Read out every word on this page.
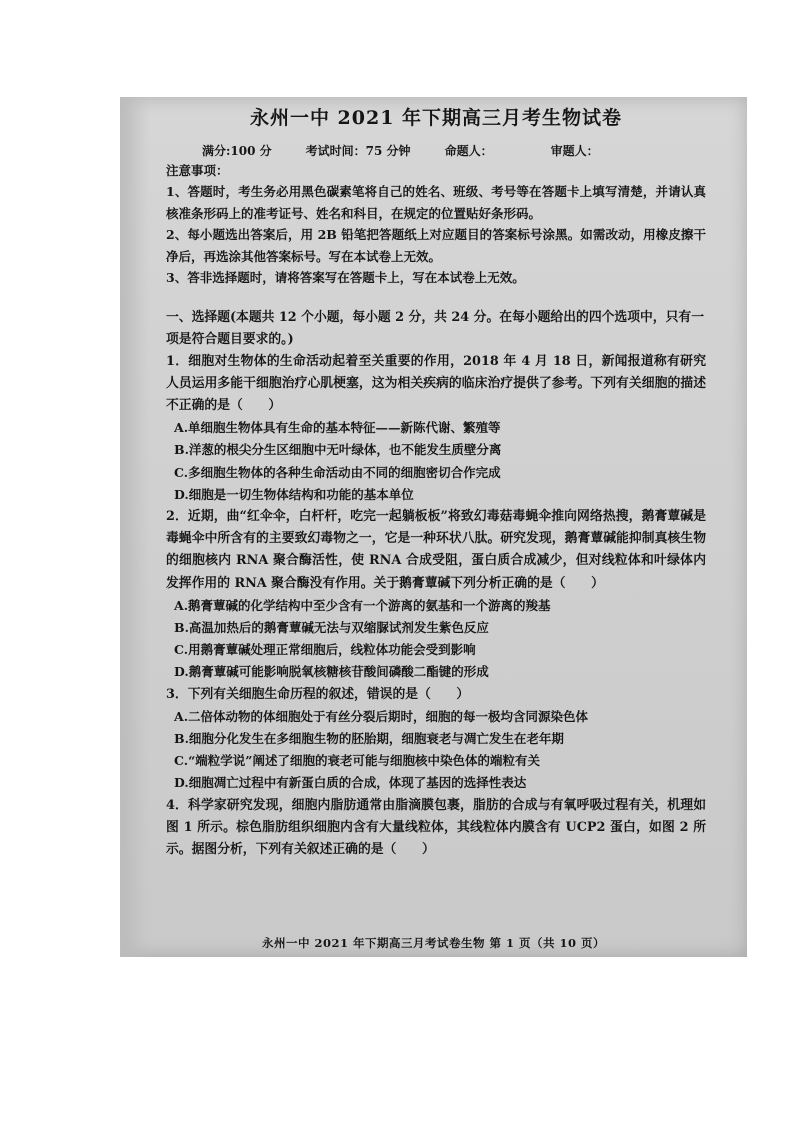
永州一中 2021 年下期高三月考生物试卷
满分:100 分	考试时间：75 分钟	命题人：	审题人：
注意事项：

1、答题时，考生务必用黑色碳素笔将自己的姓名、班级、考号等在答题卡上填写清楚，并请认真核准条形码上的准考证号、姓名和科目，在规定的位置贴好条形码。

2、每小题选出答案后，用 2B 铅笔把答题纸上对应题目的答案标号涂黑。如需改动，用橡皮擦干净后，再选涂其他答案标号。写在本试卷上无效。

3、答非选择题时，请将答案写在答题卡上，写在本试卷上无效。

一、选择题(本题共 12 个小题，每小题 2 分，共 24 分。在每小题给出的四个选项中，只有一项是符合题目要求的。)

1．细胞对生物体的生命活动起着至关重要的作用，2018 年 4 月 18 日，新闻报道称有研究人员运用多能干细胞治疗心肌梗塞，这为相关疾病的临床治疗提供了参考。下列有关细胞的描述不正确的是（　　）

A.单细胞生物体具有生命的基本特征——新陈代谢、繁殖等

B.洋葱的根尖分生区细胞中无叶绿体，也不能发生质壁分离

C.多细胞生物体的各种生命活动由不同的细胞密切合作完成

D.细胞是一切生物体结构和功能的基本单位

2．近期，曲“红伞伞，白杆杆，吃完一起躺板板”将致幻毒菇毒蝇伞推向网络热搜，鹅膏蕈碱是毒蝇伞中所含有的主要致幻毒物之一，它是一种环状八肽。研究发现，鹅膏蕈碱能抑制真核生物的细胞核内 RNA 聚合酶活性，使 RNA 合成受阻，蛋白质合成减少，但对线粒体和叶绿体内发挥作用的 RNA 聚合酶没有作用。关于鹅膏蕈碱下列分析正确的是（　　）

A.鹅膏蕈碱的化学结构中至少含有一个游离的氨基和一个游离的羧基

B.高温加热后的鹅膏蕈碱无法与双缩脲试剂发生紫色反应

C.用鹅膏蕈碱处理正常细胞后，线粒体功能会受到影响

D.鹅膏蕈碱可能影响脱氧核糖核苷酸间磷酸二酯键的形成

3．下列有关细胞生命历程的叙述，错误的是（　　）

A.二倍体动物的体细胞处于有丝分裂后期时，细胞的每一极均含同源染色体

B.细胞分化发生在多细胞生物的胚胎期，细胞衰老与凋亡发生在老年期

C.“端粒学说”阐述了细胞的衰老可能与细胞核中染色体的端粒有关

D.细胞凋亡过程中有新蛋白质的合成，体现了基因的选择性表达

4．科学家研究发现，细胞内脂肪通常由脂滴膜包裹，脂肪的合成与有氧呼吸过程有关，机理如图 1 所示。棕色脂肪组织细胞内含有大量线粒体，其线粒体内膜含有 UCP2 蛋白，如图 2 所示。据图分析，下列有关叙述正确的是（　　）

永州一中 2021 年下期高三月考试卷生物 第 1 页（共 10 页）
